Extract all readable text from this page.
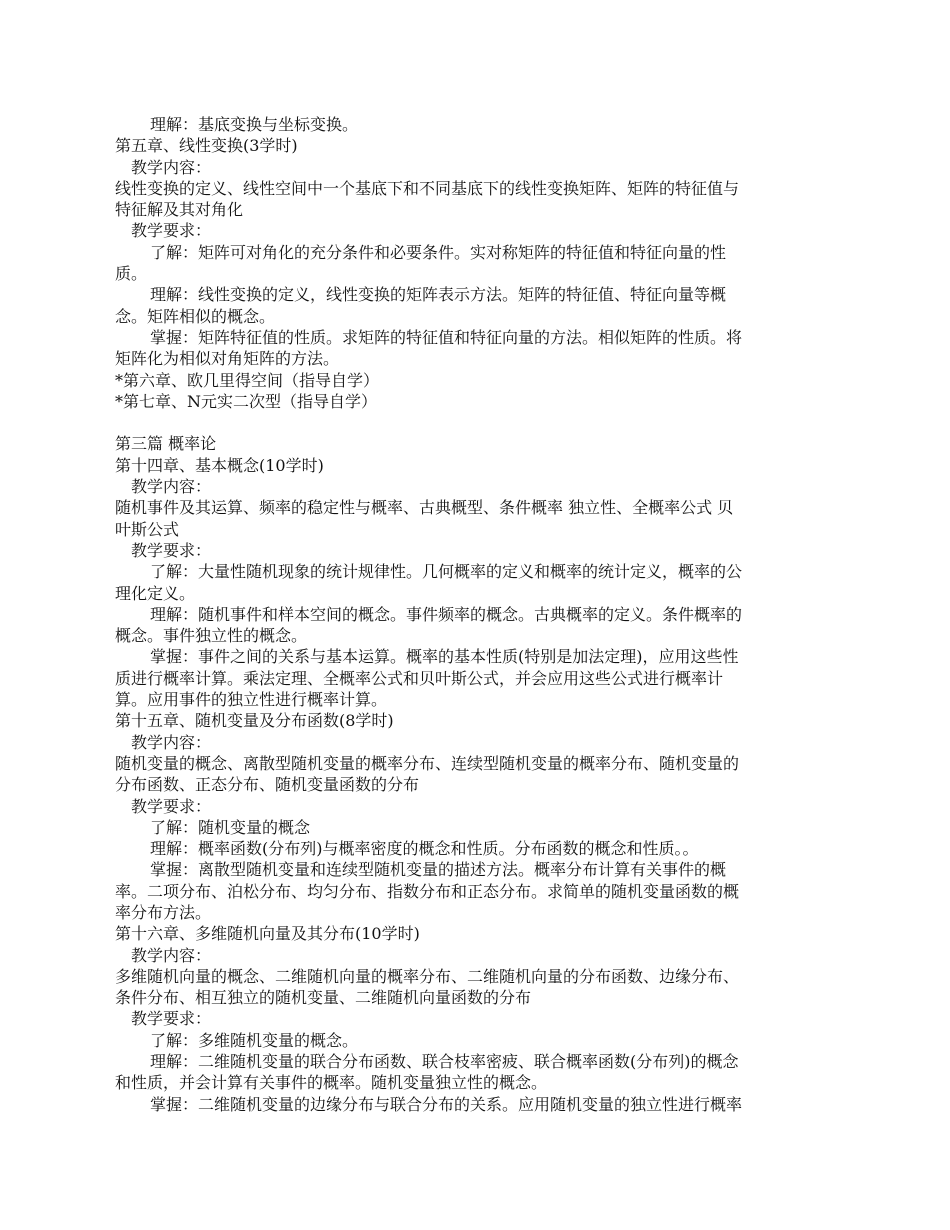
理解：基底变换与坐标变换。
第五章、线性变换(3学时)
教学内容：
线性变换的定义、线性空间中一个基底下和不同基底下的线性变换矩阵、矩阵的特征值与
特征解及其对角化
教学要求：
了解：矩阵可对角化的充分条件和必要条件。实对称矩阵的特征值和特征向量的性
质。
理解：线性变换的定义，线性变换的矩阵表示方法。矩阵的特征值、特征向量等概
念。矩阵相似的概念。
掌握：矩阵特征值的性质。求矩阵的特征值和特征向量的方法。相似矩阵的性质。将
矩阵化为相似对角矩阵的方法。
*第六章、欧几里得空间（指导自学）
*第七章、N元实二次型（指导自学）
第三篇 概率论
第十四章、基本概念(10学时)
教学内容：
随机事件及其运算、频率的稳定性与概率、古典概型、条件概率 独立性、全概率公式 贝
叶斯公式
教学要求：
了解：大量性随机现象的统计规律性。几何概率的定义和概率的统计定义，概率的公
理化定义。
理解：随机事件和样本空间的概念。事件频率的概念。古典概率的定义。条件概率的
概念。事件独立性的概念。
掌握：事件之间的关系与基本运算。概率的基本性质(特别是加法定理)，应用这些性
质进行概率计算。乘法定理、全概率公式和贝叶斯公式，并会应用这些公式进行概率计
算。应用事件的独立性进行概率计算。
第十五章、随机变量及分布函数(8学时)
教学内容：
随机变量的概念、离散型随机变量的概率分布、连续型随机变量的概率分布、随机变量的
分布函数、正态分布、随机变量函数的分布
教学要求：
了解：随机变量的概念
理解：概率函数(分布列)与概率密度的概念和性质。分布函数的概念和性质。。
掌握：离散型随机变量和连续型随机变量的描述方法。概率分布计算有关事件的概
率。二项分布、泊松分布、均匀分布、指数分布和正态分布。求简单的随机变量函数的概
率分布方法。
第十六章、多维随机向量及其分布(10学时)
教学内容：
多维随机向量的概念、二维随机向量的概率分布、二维随机向量的分布函数、边缘分布、
条件分布、相互独立的随机变量、二维随机向量函数的分布
教学要求：
了解：多维随机变量的概念。
理解：二维随机变量的联合分布函数、联合枝率密疲、联合概率函数(分布列)的概念
和性质，并会计算有关事件的概率。随机变量独立性的概念。
掌握：二维随机变量的边缘分布与联合分布的关系。应用随机变量的独立性进行概率
